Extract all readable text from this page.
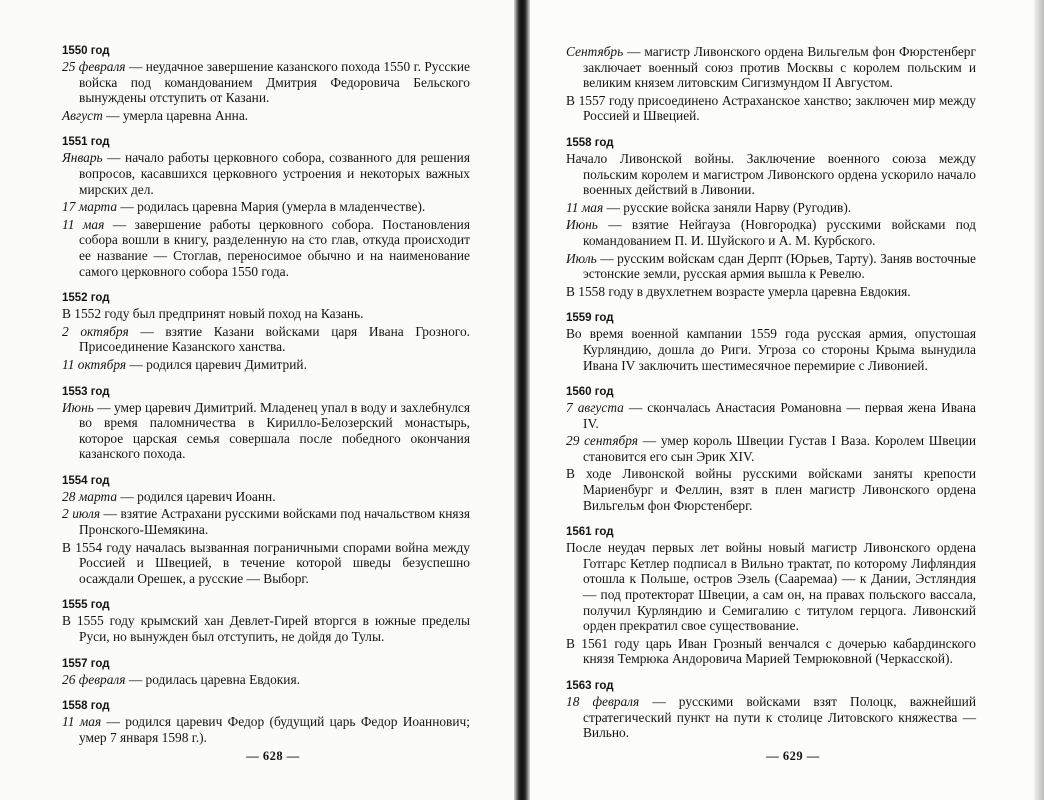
1550 год
25 февраля — неудачное завершение казанского похода 1550 г. Русские войска под командованием Дмитрия Федоровича Бельского вынуждены отступить от Казани.
Август — умерла царевна Анна.
1551 год
Январь — начало работы церковного собора, созванного для решения вопросов, касавшихся церковного устроения и некоторых важных мирских дел.
17 марта — родилась царевна Мария (умерла в младенчестве).
11 мая — завершение работы церковного собора. Постановления собора вошли в книгу, разделенную на сто глав, откуда происходит ее название — Стоглав, переносимое обычно и на наименование самого церковного собора 1550 года.
1552 год
В 1552 году был предпринят новый поход на Казань.
2 октября — взятие Казани войсками царя Ивана Грозного. Присоединение Казанского ханства.
11 октября — родился царевич Димитрий.
1553 год
Июнь — умер царевич Димитрий. Младенец упал в воду и захлебнулся во время паломничества в Кирилло-Белозерский монастырь, которое царская семья совершала после победного окончания казанского похода.
1554 год
28 марта — родился царевич Иоанн.
2 июля — взятие Астрахани русскими войсками под начальством князя Пронского-Шемякина.
В 1554 году началась вызванная пограничными спорами война между Россией и Швецией, в течение которой шведы безуспешно осаждали Орешек, а русские — Выборг.
1555 год
В 1555 году крымский хан Девлет-Гирей вторгся в южные пределы Руси, но вынужден был отступить, не дойдя до Тулы.
1557 год
26 февраля — родилась царевна Евдокия.
1558 год
11 мая — родился царевич Федор (будущий царь Федор Иоаннович; умер 7 января 1598 г.).
— 628 —
Сентябрь — магистр Ливонского ордена Вильгельм фон Фюрстенберг заключает военный союз против Москвы с королем польским и великим князем литовским Сигизмундом II Августом.
В 1557 году присоединено Астраханское ханство; заключен мир между Россией и Швецией.
1558 год
Начало Ливонской войны. Заключение военного союза между польским королем и магистром Ливонского ордена ускорило начало военных действий в Ливонии.
11 мая — русские войска заняли Нарву (Ругодив).
Июнь — взятие Нейгауза (Новгородка) русскими войсками под командованием П. И. Шуйского и А. М. Курбского.
Июль — русским войскам сдан Дерпт (Юрьев, Тарту). Заняв восточные эстонские земли, русская армия вышла к Ревелю.
В 1558 году в двухлетнем возрасте умерла царевна Евдокия.
1559 год
Во время военной кампании 1559 года русская армия, опустошая Курляндию, дошла до Риги. Угроза со стороны Крыма вынудила Ивана IV заключить шестимесячное перемирие с Ливонией.
1560 год
7 августа — скончалась Анастасия Романовна — первая жена Ивана IV.
29 сентября — умер король Швеции Густав I Ваза. Королем Швеции становится его сын Эрик XIV.
В ходе Ливонской войны русскими войсками заняты крепости Мариенбург и Феллин, взят в плен магистр Ливонского ордена Вильгельм фон Фюрстенберг.
1561 год
После неудач первых лет войны новый магистр Ливонского ордена Готгарс Кетлер подписал в Вильно трактат, по которому Лифляндия отошла к Польше, остров Эзель (Сааремаа) — к Дании, Эстляндия — под протекторат Швеции, а сам он, на правах польского вассала, получил Курляндию и Семигалию с титулом герцога. Ливонский орден прекратил свое существование.
В 1561 году царь Иван Грозный венчался с дочерью кабардинского князя Темрюка Андоровича Марией Темрюковной (Черкасской).
1563 год
18 февраля — русскими войсками взят Полоцк, важнейший стратегический пункт на пути к столице Литовского княжества — Вильно.
— 629 —
